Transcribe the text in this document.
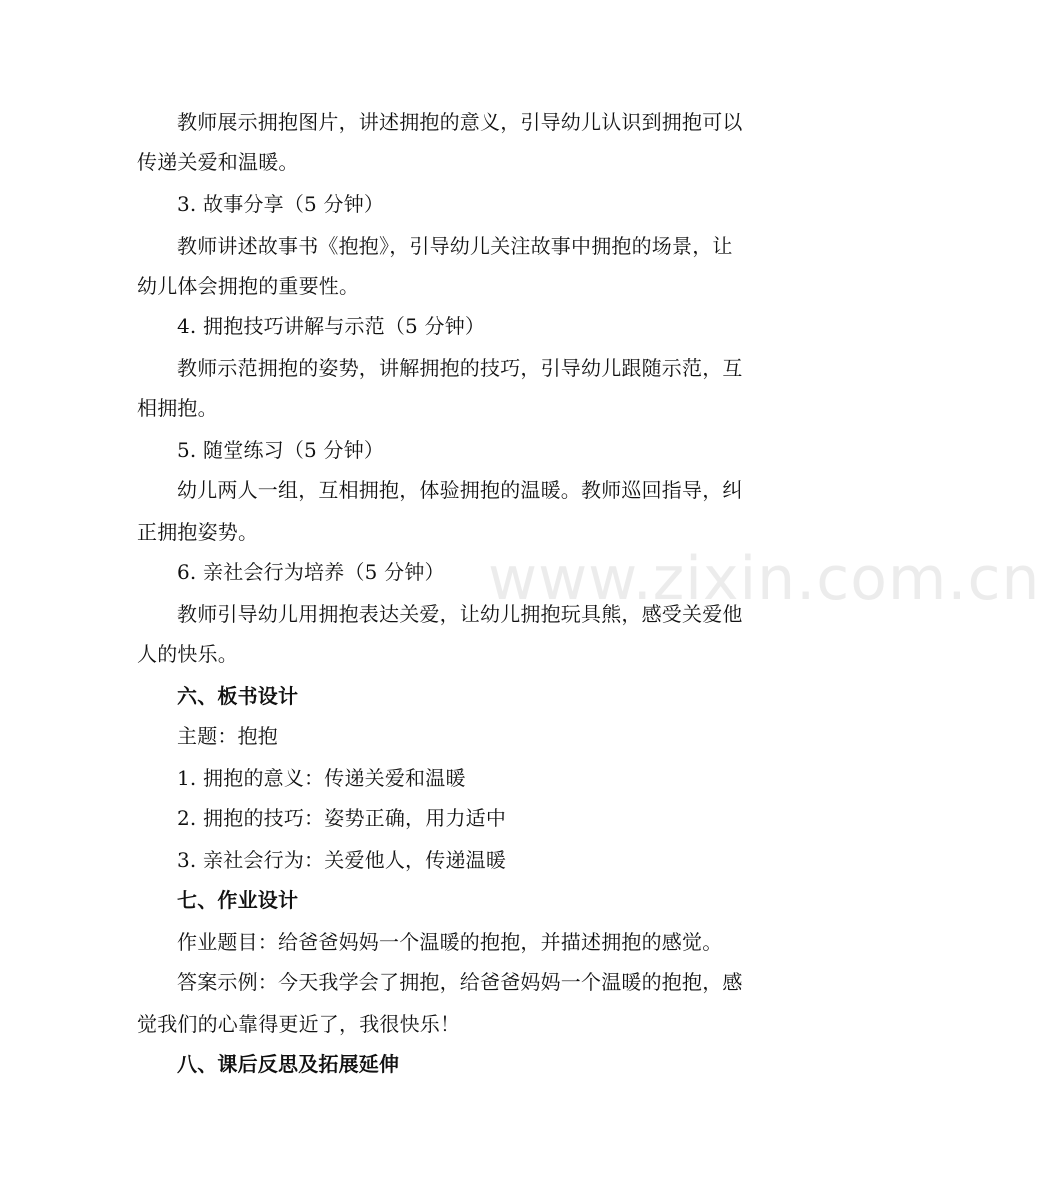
教师展示拥抱图片，讲述拥抱的意义，引导幼儿认识到拥抱可以
传递关爱和温暖。
3. 故事分享（5 分钟）
教师讲述故事书《抱抱》，引导幼儿关注故事中拥抱的场景，让
幼儿体会拥抱的重要性。
4. 拥抱技巧讲解与示范（5 分钟）
教师示范拥抱的姿势，讲解拥抱的技巧，引导幼儿跟随示范，互
相拥抱。
5. 随堂练习（5 分钟）
幼儿两人一组，互相拥抱，体验拥抱的温暖。教师巡回指导，纠
正拥抱姿势。
6. 亲社会行为培养（5 分钟）
教师引导幼儿用拥抱表达关爱，让幼儿拥抱玩具熊，感受关爱他
人的快乐。
六、板书设计
主题：抱抱
1. 拥抱的意义：传递关爱和温暖
2. 拥抱的技巧：姿势正确，用力适中
3. 亲社会行为：关爱他人，传递温暖
七、作业设计
作业题目：给爸爸妈妈一个温暖的抱抱，并描述拥抱的感觉。
答案示例：今天我学会了拥抱，给爸爸妈妈一个温暖的抱抱，感
觉我们的心靠得更近了，我很快乐！
八、课后反思及拓展延伸
www.zixin.com.cn
